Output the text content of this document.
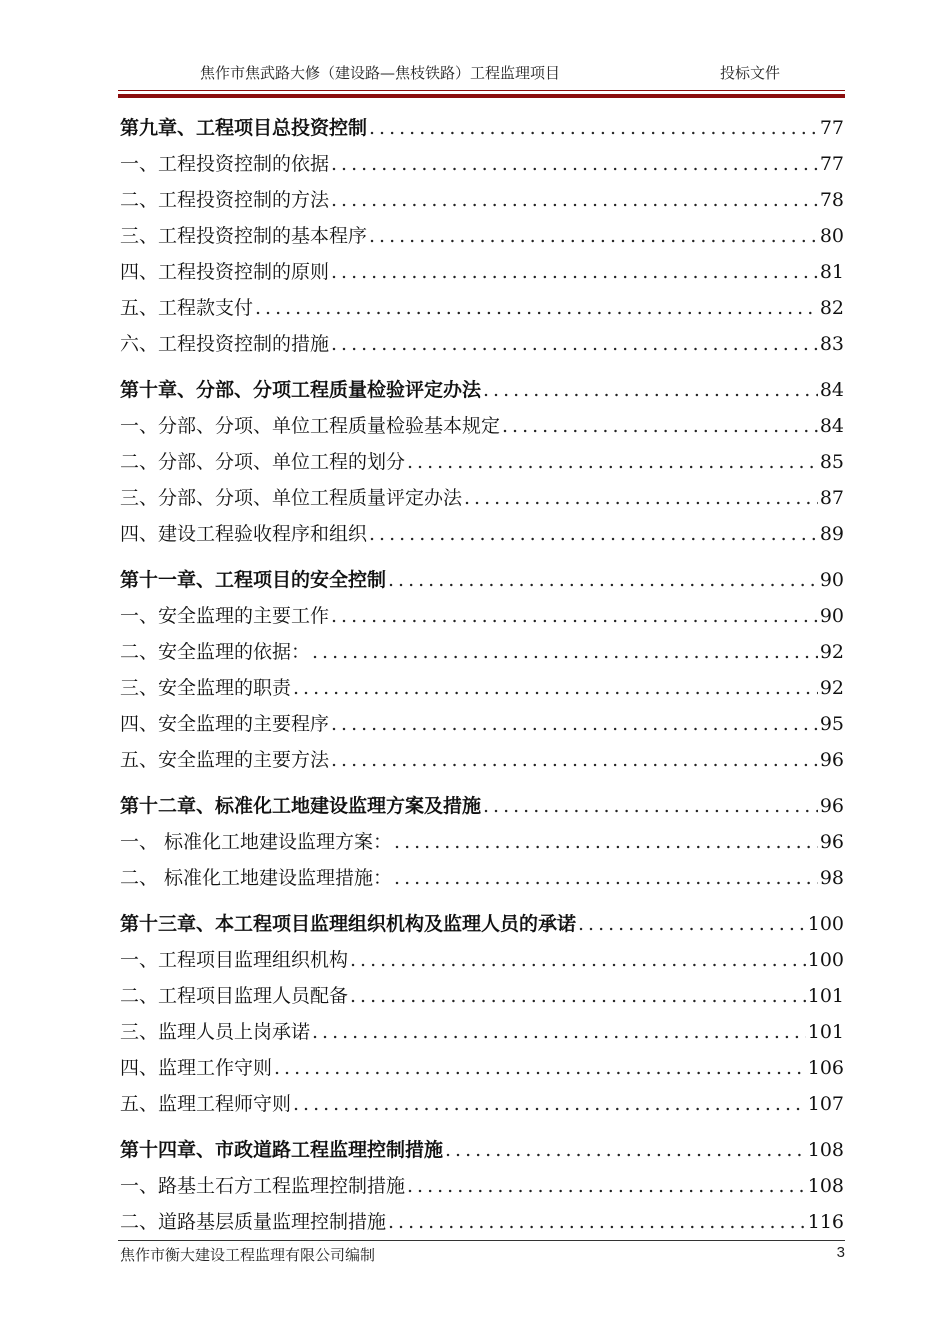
焦作市焦武路大修（建设路—焦枝铁路）工程监理项目	投标文件
第九章、工程项目总投资控制 .....	77
一、工程投资控制的依据 .....	77
二、工程投资控制的方法 .....	78
三、工程投资控制的基本程序 .....	80
四、工程投资控制的原则 .....	81
五、工程款支付 .....	82
六、工程投资控制的措施 .....	83
第十章、分部、分项工程质量检验评定办法 .....	84
一、分部、分项、单位工程质量检验基本规定 .....	84
二、分部、分项、单位工程的划分 .....	85
三、分部、分项、单位工程质量评定办法 .....	87
四、建设工程验收程序和组织 .....	89
第十一章、工程项目的安全控制 .....	90
一、安全监理的主要工作 .....	90
二、安全监理的依据： .....	92
三、安全监理的职责 .....	92
四、安全监理的主要程序 .....	95
五、安全监理的主要方法 .....	96
第十二章、标准化工地建设监理方案及措施 .....	96
一、 标准化工地建设监理方案： .....	96
二、 标准化工地建设监理措施： .....	98
第十三章、本工程项目监理组织机构及监理人员的承诺 .....	100
一、工程项目监理组织机构 .....	100
二、工程项目监理人员配备 .....	101
三、监理人员上岗承诺 .....	101
四、监理工作守则 .....	106
五、监理工程师守则 .....	107
第十四章、市政道路工程监理控制措施 .....	108
一、路基土石方工程监理控制措施 .....	108
二、道路基层质量监理控制措施 .....	116
焦作市衡大建设工程监理有限公司编制	3
